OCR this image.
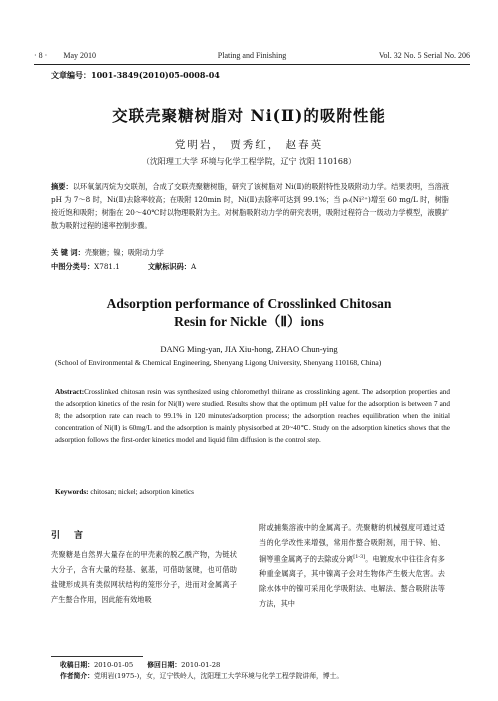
· 8 · May 2010	Plating and Finishing	Vol. 32 No. 5 Serial No. 206
文章编号：1001-3849(2010)05-0008-04
交联壳聚糖树脂对 Ni(Ⅱ)的吸附性能
党明岩， 贾秀红， 赵春英
（沈阳理工大学 环境与化学工程学院，辽宁 沈阳 110168）
摘要：以环氧氯丙烷为交联剂，合成了交联壳聚糖树脂，研究了该树脂对 Ni(Ⅱ)的吸附特性及吸附动力学。结果表明，当溶液 pH 为 7～8 时，Ni(Ⅱ)去除率较高；在吸附 120min 时，Ni(Ⅱ)去除率可达到 99.1%；当 ρ₀(Ni²⁺)增至 60 mg/L 时，树脂接近饱和吸附；树脂在 20～40℃时以物理吸附为主。对树脂吸附动力学的研究表明，吸附过程符合一级动力学模型，液膜扩散为吸附过程的速率控制步骤。
关 键 词：壳聚糖；镍；吸附动力学
中图分类号：X781.1	文献标识码：A
Adsorption performance of Crosslinked Chitosan
Resin for Nickle（Ⅱ）ions
DANG Ming-yan, JIA Xiu-hong, ZHAO Chun-ying
(School of Environmental & Chemical Engineering, Shenyang Ligong University, Shenyang 110168, China)
Abstract:Crosslinked chitosan resin was synthesized using chloromethyl thiirane as crosslinking agent. The adsorption properties and the adsorption kinetics of the resin for Ni(Ⅱ) were studied. Results show that the optimum pH value for the adsorption is between 7 and 8; the adsorption rate can reach to 99.1% in 120 minutes'adsorption process; the adsorption reaches equilibration when the initial concentration of Ni(Ⅱ) is 60mg/L and the adsorption is mainly physisorbed at 20~40℃. Study on the adsorption kinetics shows that the adsorption follows the first-order kinetics model and liquid film diffusion is the control step.
Keywords: chitosan; nickel; adsorption kinetics
引 言
壳聚糖是自然界大量存在的甲壳素的脱乙酰产物，为链状大分子，含有大量的羟基、氨基，可借助氢键，也可借助盐键形成具有类似网状结构的笼形分子，进而对金属离子产生螯合作用，因此能有效地吸
附或捕集溶液中的金属离子。壳聚糖的机械强度可通过适当的化学改性来增强，常用作螯合吸附剂，用于锌、铂、铜等重金属离子的去除或分离[1-3]。电镀废水中往往含有多种重金属离子，其中镍离子会对生物体产生极大危害。去除水体中的镍可采用化学吸附法、电解法、螯合吸附法等方法，其中
收稿日期：2010-01-05 修回日期：2010-01-28
作者简介：党明岩(1975-)，女，辽宁铁岭人，沈阳理工大学环境与化学工程学院讲师，博士。
